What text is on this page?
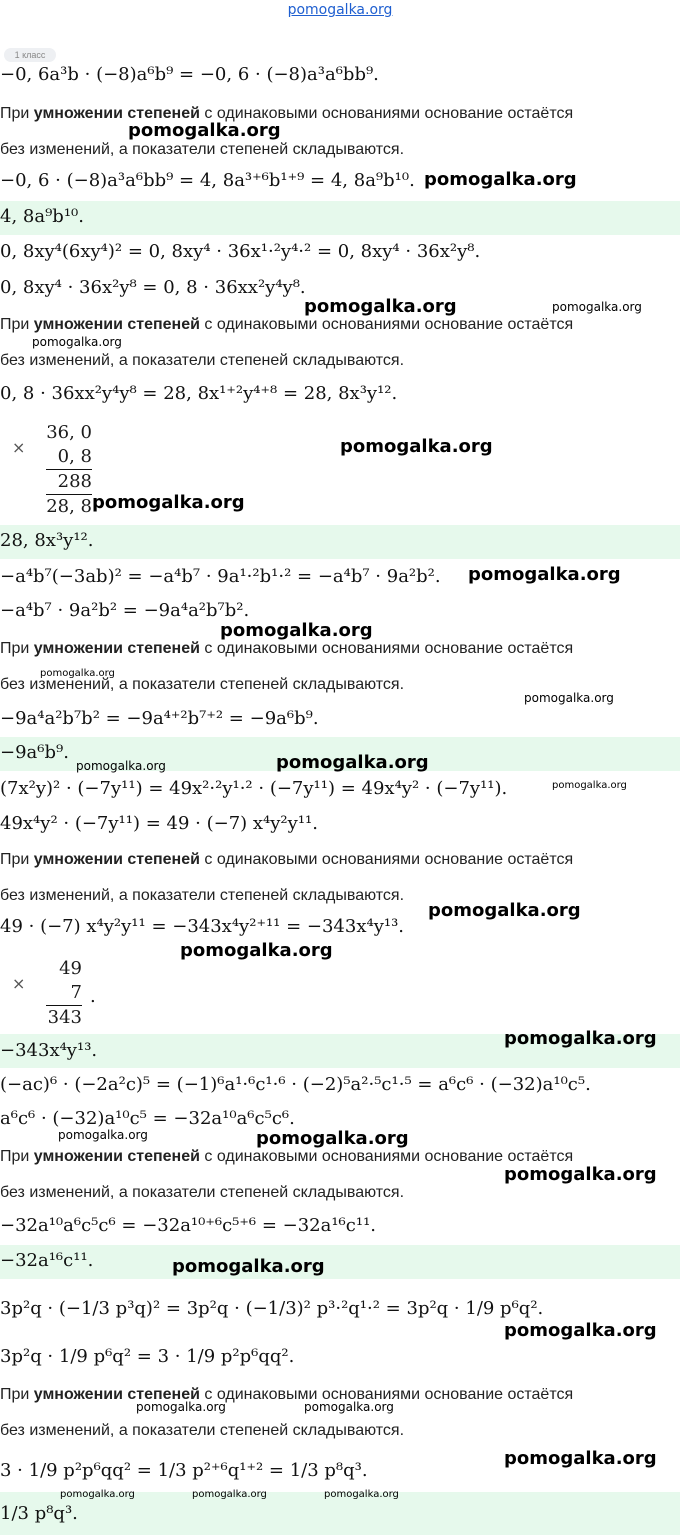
pomogalka.org
1 класс
−0, 6a³b · (−8)a⁶b⁹ = −0, 6 · (−8)a³a⁶bb⁹.
При умножении степеней с одинаковыми основаниями основание остаётся
без изменений, а показатели степеней складываются.
−0, 6 · (−8)a³a⁶bb⁹ = 4, 8a³⁺⁶b¹⁺⁹ = 4, 8a⁹b¹⁰.
4, 8a⁹b¹⁰.
0, 8xy⁴(6xy⁴)² = 0, 8xy⁴ · 36x¹·²y⁴·² = 0, 8xy⁴ · 36x²y⁸.
0, 8xy⁴ · 36x²y⁸ = 0, 8 · 36xx²y⁴y⁸.
При умножении степеней с одинаковыми основаниями основание остаётся
без изменений, а показатели степеней складываются.
0, 8 · 36xx²y⁴y⁸ = 28, 8x¹⁺²y⁴⁺⁸ = 28, 8x³y¹².
×
36, 0
0, 8
288
28, 8
28, 8x³y¹².
−a⁴b⁷(−3ab)² = −a⁴b⁷ · 9a¹·²b¹·² = −a⁴b⁷ · 9a²b².
−a⁴b⁷ · 9a²b² = −9a⁴a²b⁷b².
При умножении степеней с одинаковыми основаниями основание остаётся
без изменений, а показатели степеней складываются.
−9a⁴a²b⁷b² = −9a⁴⁺²b⁷⁺² = −9a⁶b⁹.
−9a⁶b⁹.
(7x²y)² · (−7y¹¹) = 49x²·²y¹·² · (−7y¹¹) = 49x⁴y² · (−7y¹¹).
49x⁴y² · (−7y¹¹) = 49 · (−7) x⁴y²y¹¹.
При умножении степеней с одинаковыми основаниями основание остаётся
без изменений, а показатели степеней складываются.
49 · (−7) x⁴y²y¹¹ = −343x⁴y²⁺¹¹ = −343x⁴y¹³.
×
49
7
343
.
−343x⁴y¹³.
(−ac)⁶ · (−2a²c)⁵ = (−1)⁶a¹·⁶c¹·⁶ · (−2)⁵a²·⁵c¹·⁵ = a⁶c⁶ · (−32)a¹⁰c⁵.
a⁶c⁶ · (−32)a¹⁰c⁵ = −32a¹⁰a⁶c⁵c⁶.
При умножении степеней с одинаковыми основаниями основание остаётся
без изменений, а показатели степеней складываются.
−32a¹⁰a⁶c⁵c⁶ = −32a¹⁰⁺⁶c⁵⁺⁶ = −32a¹⁶c¹¹.
−32a¹⁶c¹¹.
3p²q · (−1/3 p³q)² = 3p²q · (−1/3)² p³·²q¹·² = 3p²q · 1/9 p⁶q².
3p²q · 1/9 p⁶q² = 3 · 1/9 p²p⁶qq².
При умножении степеней с одинаковыми основаниями основание остаётся
без изменений, а показатели степеней складываются.
3 · 1/9 p²p⁶qq² = 1/3 p²⁺⁶q¹⁺² = 1/3 p⁸q³.
1/3 p⁸q³.
pomogalka.org
pomogalka.org
pomogalka.org	pomogalka.org
pomogalka.org
pomogalka.org
pomogalka.org
pomogalka.org
pomogalka.org
pomogalka.org
pomogalka.org
pomogalka.org	pomogalka.org
pomogalka.org
pomogalka.org
pomogalka.org
pomogalka.org
pomogalka.org	pomogalka.org
pomogalka.org
pomogalka.org
pomogalka.org
pomogalka.org	pomogalka.org
pomogalka.org
pomogalka.org	pomogalka.org	pomogalka.org
